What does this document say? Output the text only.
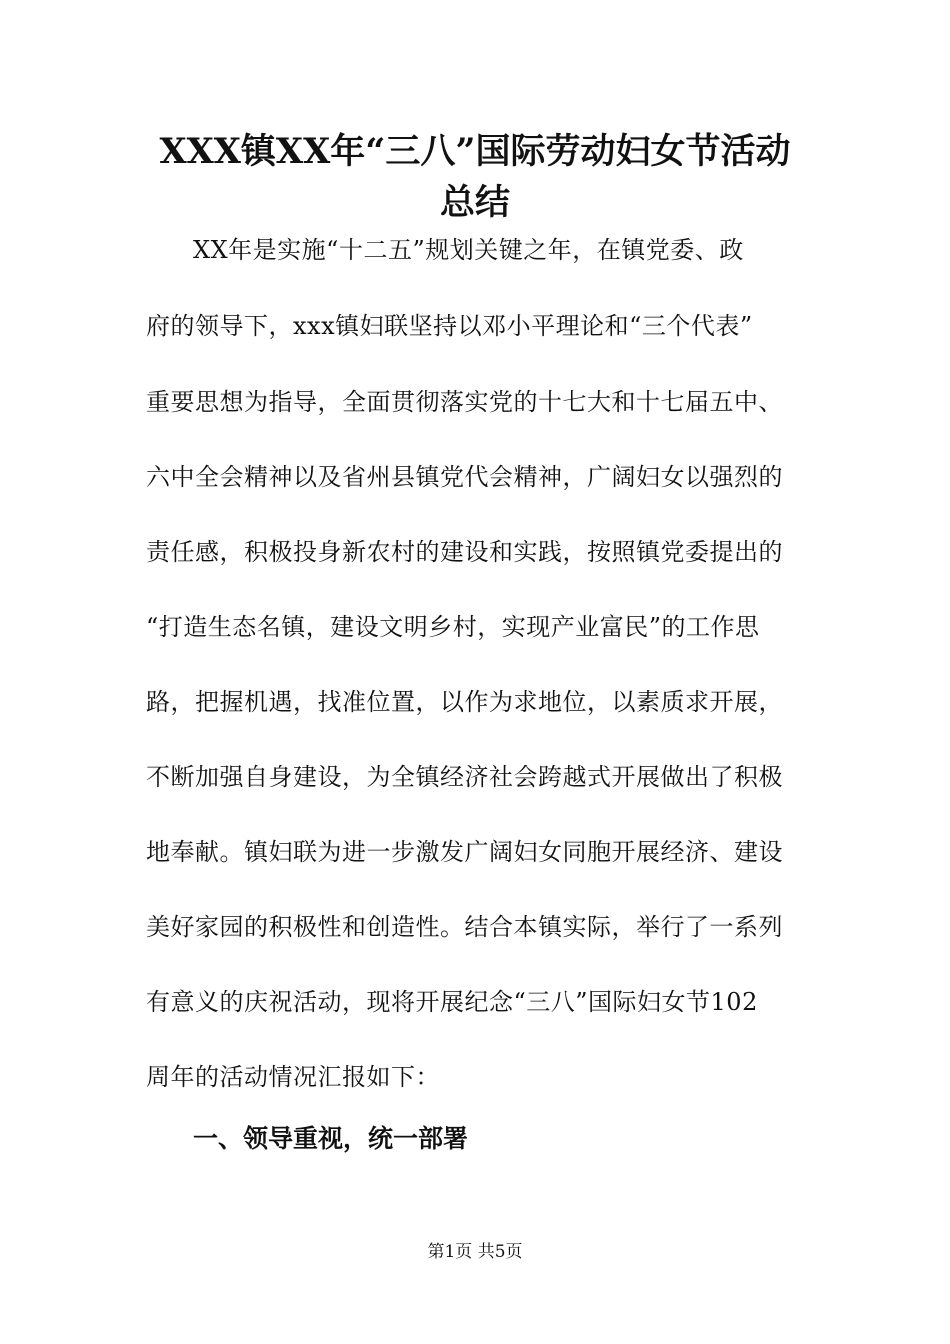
XXX镇XX年“三八”国际劳动妇女节活动
总结

XX年是实施“十二五”规划关键之年，在镇党委、政

府的领导下，xxx镇妇联坚持以邓小平理论和“三个代表”

重要思想为指导，全面贯彻落实党的十七大和十七届五中、

六中全会精神以及省州县镇党代会精神，广阔妇女以强烈的

责任感，积极投身新农村的建设和实践，按照镇党委提出的

“打造生态名镇，建设文明乡村，实现产业富民”的工作思

路，把握机遇，找准位置，以作为求地位，以素质求开展，

不断加强自身建设，为全镇经济社会跨越式开展做出了积极

地奉献。镇妇联为进一步激发广阔妇女同胞开展经济、建设

美好家园的积极性和创造性。结合本镇实际，举行了一系列

有意义的庆祝活动，现将开展纪念“三八”国际妇女节102

周年的活动情况汇报如下：

一、领导重视，统一部署
第1页 共5页
